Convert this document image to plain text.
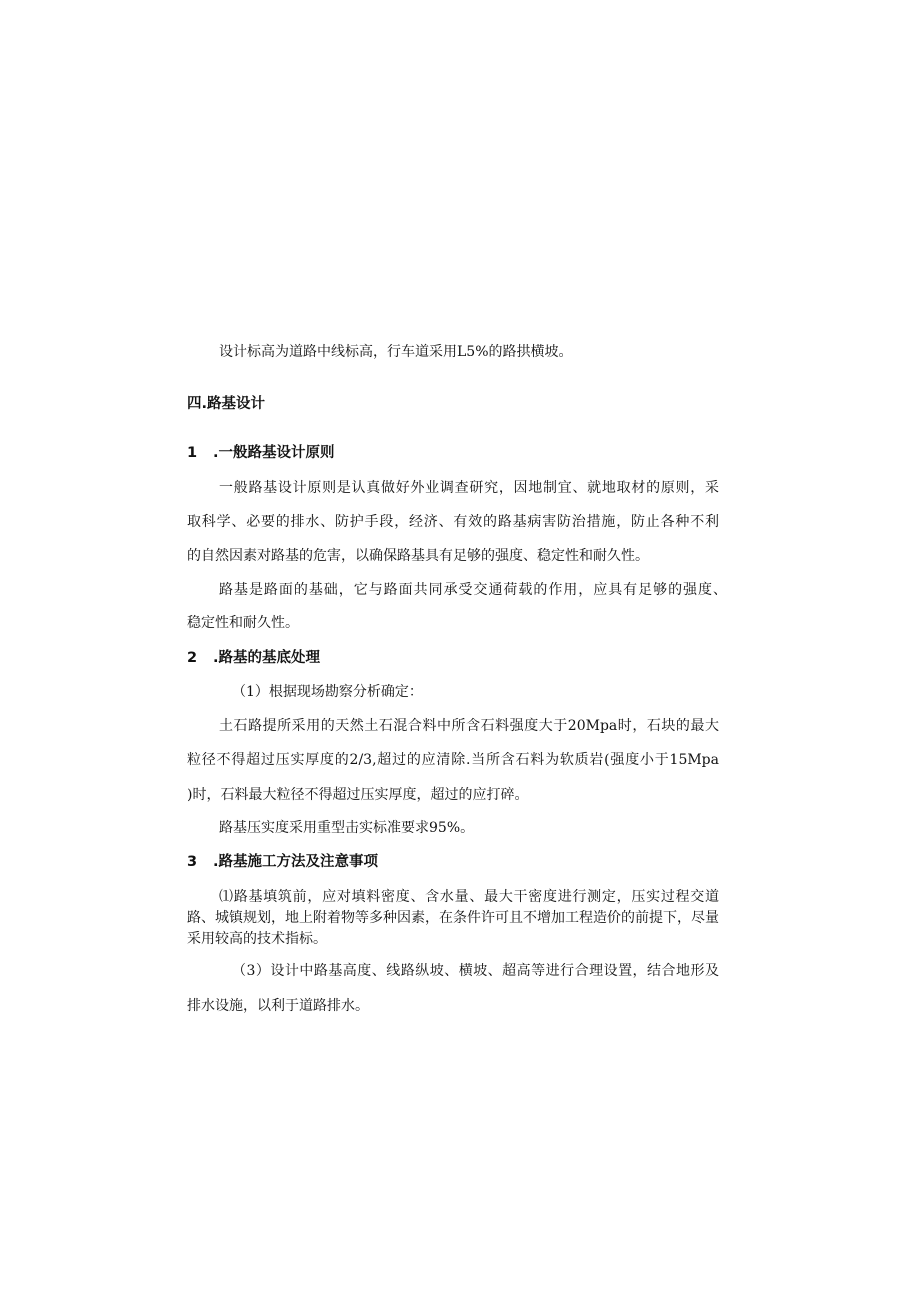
设计标高为道路中线标高，行车道采用L5%的路拱横坡。
四.路基设计
1 .一般路基设计原则
一般路基设计原则是认真做好外业调查研究，因地制宜、就地取材的原则，采
取科学、必要的排水、防护手段，经济、有效的路基病害防治措施，防止各种不利
的自然因素对路基的危害，以确保路基具有足够的强度、稳定性和耐久性。
路基是路面的基础，它与路面共同承受交通荷载的作用，应具有足够的强度、
稳定性和耐久性。
2 .路基的基底处理
（1）根据现场勘察分析确定：
土石路提所采用的天然土石混合料中所含石料强度大于20Mpa时，石块的最大
粒径不得超过压实厚度的2/3,超过的应清除.当所含石料为软质岩(强度小于15Mpa
)时，石料最大粒径不得超过压实厚度，超过的应打碎。
路基压实度采用重型击实标准要求95%。
3 .路基施工方法及注意事项
⑴路基填筑前，应对填料密度、含水量、最大干密度进行测定，压实过程交道
路、城镇规划，地上附着物等多种因素，在条件许可且不增加工程造价的前提下，尽量
采用较高的技术指标。
（3）设计中路基高度、线路纵坡、横坡、超高等进行合理设置，结合地形及
排水设施，以利于道路排水。
